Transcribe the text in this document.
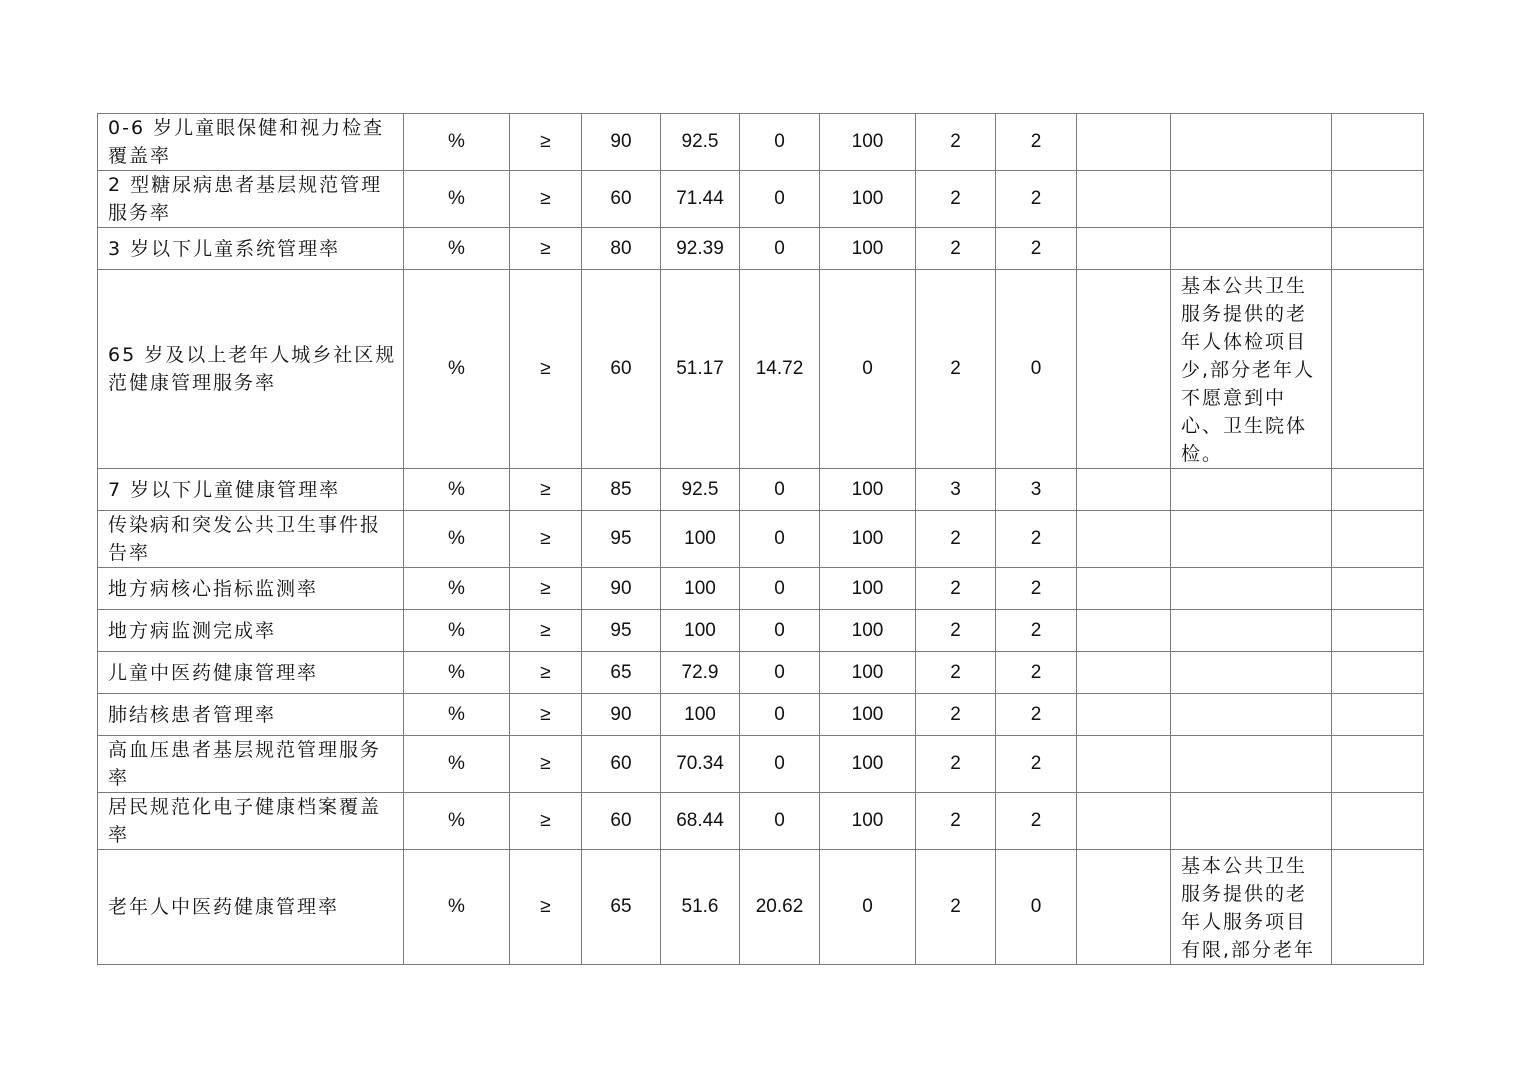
0-6 岁儿童眼保健和视力检查覆盖率	%	≥	90	92.5	0	100	2	2			
2 型糖尿病患者基层规范管理服务率	%	≥	60	71.44	0	100	2	2			
3 岁以下儿童系统管理率	%	≥	80	92.39	0	100	2	2			
65 岁及以上老年人城乡社区规范健康管理服务率	%	≥	60	51.17	14.72	0	2	0		基本公共卫生服务提供的老年人体检项目少,部分老年人不愿意到中心、卫生院体检。	
7 岁以下儿童健康管理率	%	≥	85	92.5	0	100	3	3			
传染病和突发公共卫生事件报告率	%	≥	95	100	0	100	2	2			
地方病核心指标监测率	%	≥	90	100	0	100	2	2			
地方病监测完成率	%	≥	95	100	0	100	2	2			
儿童中医药健康管理率	%	≥	65	72.9	0	100	2	2			
肺结核患者管理率	%	≥	90	100	0	100	2	2			
高血压患者基层规范管理服务率	%	≥	60	70.34	0	100	2	2			
居民规范化电子健康档案覆盖率	%	≥	60	68.44	0	100	2	2			
老年人中医药健康管理率	%	≥	65	51.6	20.62	0	2	0		基本公共卫生服务提供的老年人服务项目有限,部分老年	
